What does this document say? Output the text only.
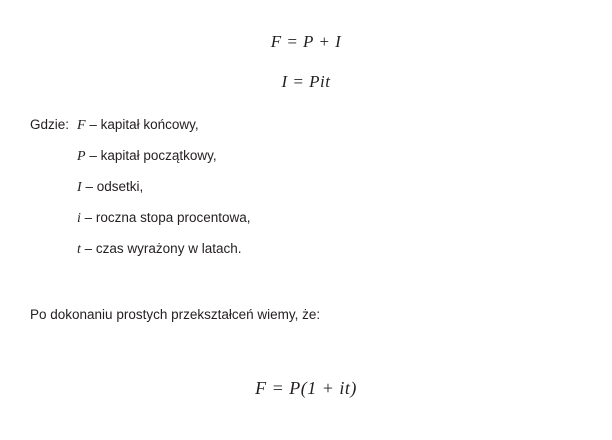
F = P + I
I = Pit
Gdzie: F – kapitał końcowy,
P – kapitał początkowy,
I – odsetki,
i – roczna stopa procentowa,
t – czas wyrażony w latach.
Po dokonaniu prostych przekształceń wiemy, że:
F = P(1 + it)
